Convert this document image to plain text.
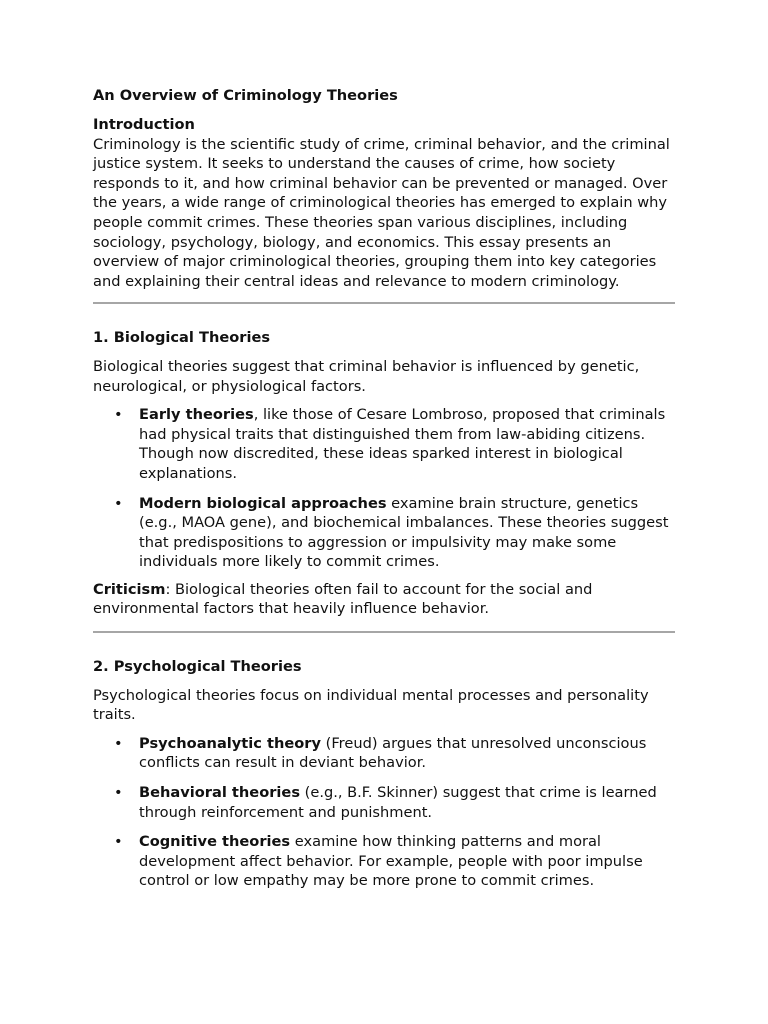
An Overview of Criminology Theories
Introduction

Criminology is the scientific study of crime, criminal behavior, and the criminal justice system. It seeks to understand the causes of crime, how society responds to it, and how criminal behavior can be prevented or managed. Over the years, a wide range of criminological theories has emerged to explain why people commit crimes. These theories span various disciplines, including sociology, psychology, biology, and economics. This essay presents an overview of major criminological theories, grouping them into key categories and explaining their central ideas and relevance to modern criminology.

1. Biological Theories

Biological theories suggest that criminal behavior is influenced by genetic, neurological, or physiological factors.

• Early theories, like those of Cesare Lombroso, proposed that criminals had physical traits that distinguished them from law-abiding citizens. Though now discredited, these ideas sparked interest in biological explanations.
• Modern biological approaches examine brain structure, genetics (e.g., MAOA gene), and biochemical imbalances. These theories suggest that predispositions to aggression or impulsivity may make some individuals more likely to commit crimes.

Criticism: Biological theories often fail to account for the social and environmental factors that heavily influence behavior.

2. Psychological Theories

Psychological theories focus on individual mental processes and personality traits.

• Psychoanalytic theory (Freud) argues that unresolved unconscious conflicts can result in deviant behavior.
• Behavioral theories (e.g., B.F. Skinner) suggest that crime is learned through reinforcement and punishment.
• Cognitive theories examine how thinking patterns and moral development affect behavior. For example, people with poor impulse control or low empathy may be more prone to commit crimes.
